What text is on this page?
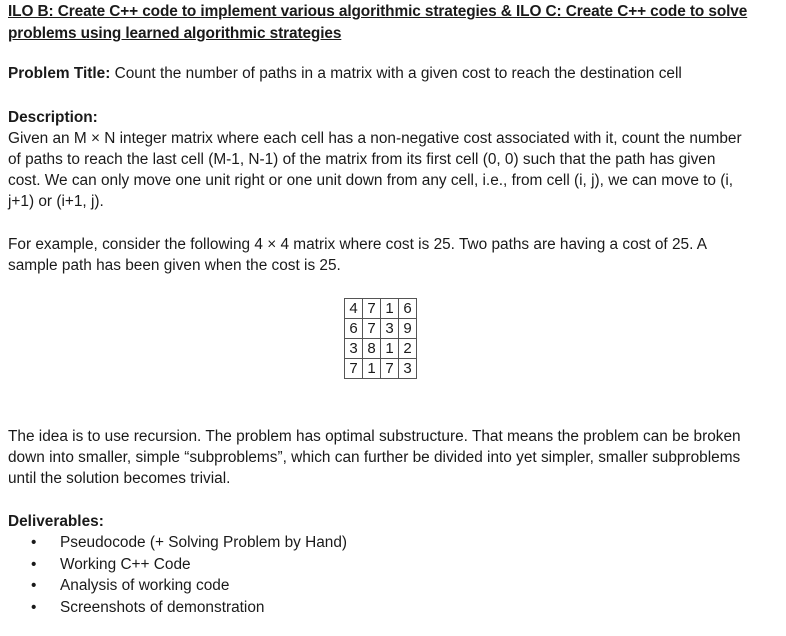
ILO B: Create C++ code to implement various algorithmic strategies & ILO C: Create C++ code to solve
problems using learned algorithmic strategies

Problem Title: Count the number of paths in a matrix with a given cost to reach the destination cell

Description:

Given an M × N integer matrix where each cell has a non-negative cost associated with it, count the number
of paths to reach the last cell (M-1, N-1) of the matrix from its first cell (0, 0) such that the path has given
cost. We can only move one unit right or one unit down from any cell, i.e., from cell (i, j), we can move to (i,
j+1) or (i+1, j).
For example, consider the following 4 × 4 matrix where cost is 25. Two paths are having a cost of 25. A
sample path has been given when the cost is 25.
4	7	1	6
6	7	3	9
3	8	1	2
7	1	7	3
The idea is to use recursion. The problem has optimal substructure. That means the problem can be broken
down into smaller, simple “subproblems”, which can further be divided into yet simpler, smaller subproblems
until the solution becomes trivial.

Deliverables:

• Pseudocode (+ Solving Problem by Hand)
• Working C++ Code
• Analysis of working code
• Screenshots of demonstration
